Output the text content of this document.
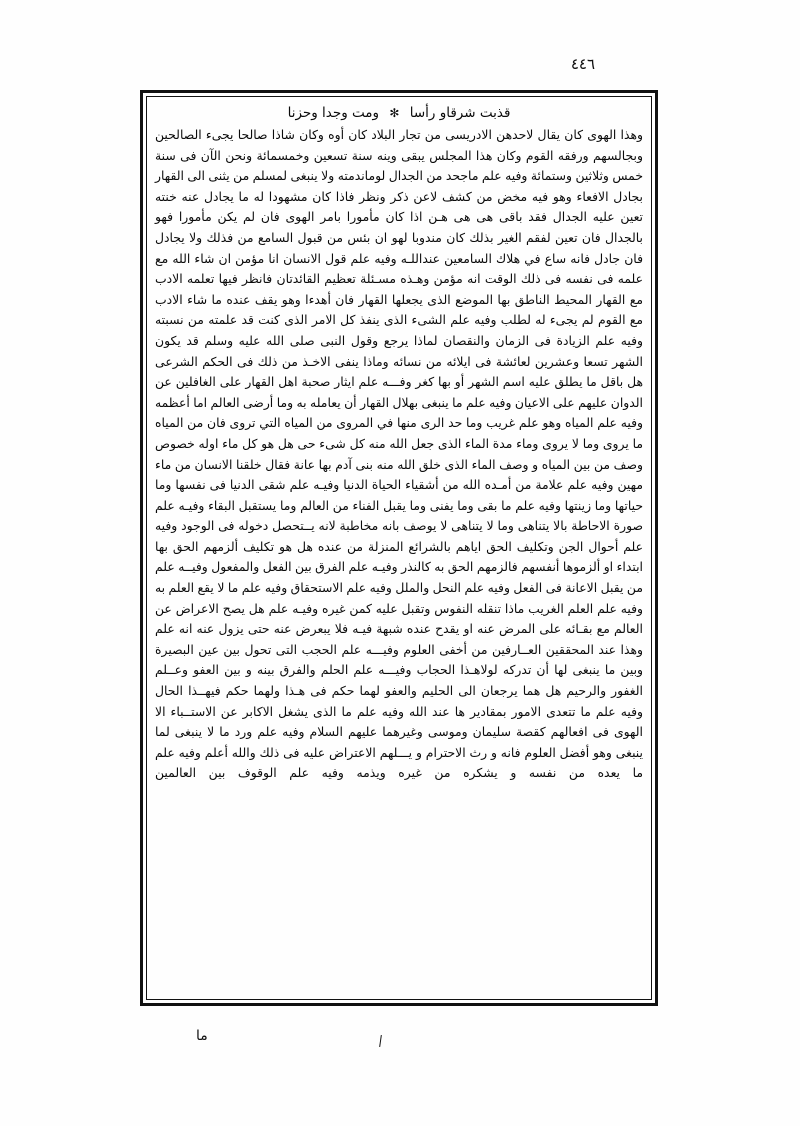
٤٤٦
قذبت شرقاو رأسا ✻ ومت وجدا وحزنا

وهذا الهوى كان يقال لاحدهن الادريسى من تجار البلاد كان أوه وكان شاذا صالحا يجىء الصالحين وبجالسهم ورفقه القوم وكان هذا المجلس يبقى وينه سنة تسعين وخمسمائة ونحن الآن فى سنة خمس وثلاثين وستمائة وفيه علم ماجحد من الجدال لوماندمته ولا ينبغى لمسلم من يثنى الى القهار بجادل الافعاء وهو فيه مخض من كشف لاعن ذكر ونظر فاذا كان مشهودا له ما يجادل عنه خنته تعين عليه الجدال فقد باقى هى هى هـن اذا كان مأمورا بامر الهوى فان لم يكن مأمورا فهو بالجدال فان تعين لفقم الغير بذلك كان مندوبا لهو ان بئس من قبول السامع من فذلك ولا يجادل فان جادل فانه ساع في هلاك السامعين عنداللـه وفيه علم قول الانسان انا مؤمن ان شاء الله مع علمه فى نفسه فى ذلك الوقت انه مؤمن وهـذه مسـئلة تعظيم القائدتان فانظر فيها تعلمه الادب مع القهار المحيط الناطق بها الموضع الذى يجعلها القهار فان أهدءا وهو يقف عنده ما شاء الادب مع القوم لم يجىء له لطلب وفيه علم الشىء الذى ينفذ كل الامر الذى كنت قد علمته من نسبته وفيه علم الزيادة فى الزمان والنقصان لماذا يرجع وقول النبى صلى الله عليه وسلم قد يكون الشهر تسعا وعشرين لعائشة فى ايلائه من نسائه وماذا ينفى الاخـذ من ذلك فى الحكم الشرعى هل باقل ما يطلق عليه اسم الشهر أو بها كغر وفـــه علم ايثار صحبة اهل القهار على الغافلين عن الدوان عليهم على الاعيان وفيه علم ما ينبغى بهلال القهار أن يعامله به وما أرضى العالم اما أعظمه وفيه علم المياه وهو علم غريب وما حد الرى منها في المروى من المياه التي تروى فان من المياه ما يروى وما لا يروى وماء مدة الماء الذى جعل الله منه كل شىء حى هل هو كل ماء اوله خصوص وصف من بين المياه و وصف الماء الذى خلق الله منه بنى آدم بها عانة فقال خلقنا الانسان من ماء مهين وفيه علم علامة من أمـده الله من أشقياء الحياة الدنيا وفيـه علم شقى الدنيا فى نفسها وما حياتها وما زينتها وفيه علم ما بقى وما يفنى وما يقبل الفناء من العالم وما يستقبل البقاء وفيـه علم صورة الاحاطة بالا يتناهى وما لا يتناهى لا يوصف بانه مخاطبة لانه يــتحصل دخوله فى الوجود وفيه علم أحوال الجن وتكليف الحق اياهم بالشرائع المنزلة من عنده هل هو تكليف ألزمهم الحق بها ابتداء او ألزموها أنفسهم فالزمهم الحق به كالنذر وفيـه علم الفرق بين الفعل والمفعول وفيــه علم من يقبل الاعانة فى الفعل وفيه علم النحل والملل وفيه علم الاستحقاق وفيه علم ما لا يقع العلم به وفيه علم العلم الغريب ماذا تنقله النفوس وتقبل عليه كمن غيره وفيـه علم هل يصح الاعراض عن العالم مع بقـائه على المرض عنه او يقدح عنده شبهة فيـه فلا يبعرض عنه حتى يزول عنه انه علم وهذا عند المحققين العــارفين من أخفى العلوم وفيـــه علم الحجب التى تحول بين عين البصيرة وبين ما ينبغى لها أن تدركه لولاهـذا الحجاب وفيـــه علم الحلم والفرق بينه و بين العفو وعــلم الغفور والرحيم هل هما يرجعان الى الحليم والعفو لهما حكم فى هـذا ولهما حكم فيهــذا الحال وفيه علم ما تتعدى الامور بمقادير ها عند الله وفيه علم ما الذى يشغل الاكابر عن الاستــباء الا الهوى فى افعالهم كقصة سليمان وموسى وغيرهما عليهم السلام وفيه علم ورد ما لا ينبغى لما ينبغى وهو أفضل العلوم فانه و رث الاحترام و يـــلهم الاعتراض عليه فى ذلك والله أعلم وفيه علم ما يعده من نفسه و يشكره من غيره ويذمه وفيه علم الوقوف بين العالمين

ما
